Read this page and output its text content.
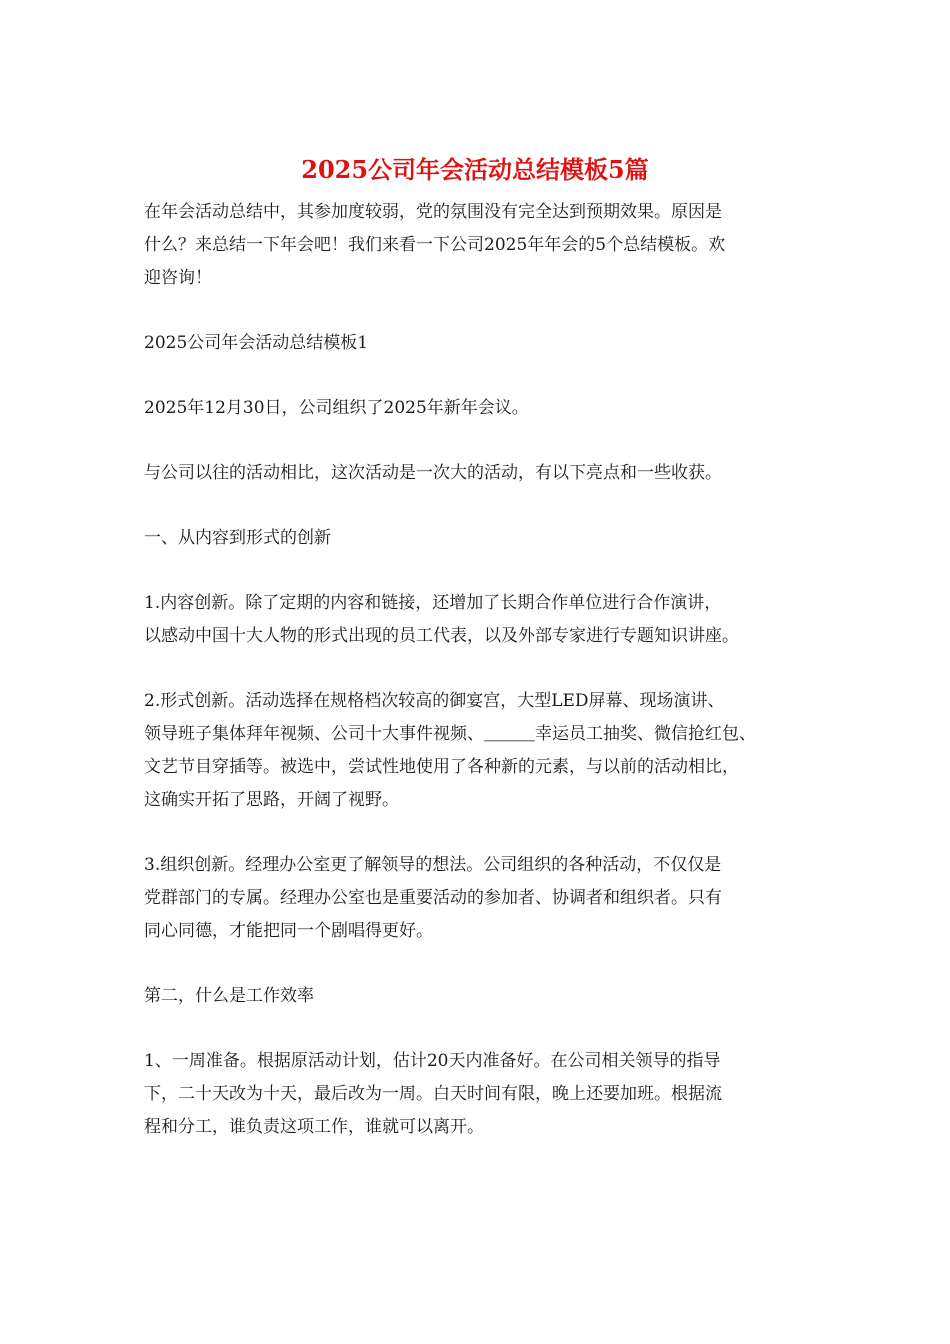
2025公司年会活动总结模板5篇

在年会活动总结中，其参加度较弱，党的氛围没有完全达到预期效果。原因是
什么？来总结一下年会吧！我们来看一下公司2025年年会的5个总结模板。欢
迎咨询！

2025公司年会活动总结模板1

2025年12月30日，公司组织了2025年新年会议。

与公司以往的活动相比，这次活动是一次大的活动，有以下亮点和一些收获。

一、从内容到形式的创新

1.内容创新。除了定期的内容和链接，还增加了长期合作单位进行合作演讲，
以感动中国十大人物的形式出现的员工代表，以及外部专家进行专题知识讲座。

2.形式创新。活动选择在规格档次较高的御宴宫，大型LED屏幕、现场演讲、
领导班子集体拜年视频、公司十大事件视频、＿＿＿幸运员工抽奖、微信抢红包、
文艺节目穿插等。被选中，尝试性地使用了各种新的元素，与以前的活动相比，
这确实开拓了思路，开阔了视野。

3.组织创新。经理办公室更了解领导的想法。公司组织的各种活动，不仅仅是
党群部门的专属。经理办公室也是重要活动的参加者、协调者和组织者。只有
同心同德，才能把同一个剧唱得更好。

第二，什么是工作效率

1、一周准备。根据原活动计划，估计20天内准备好。在公司相关领导的指导
下，二十天改为十天，最后改为一周。白天时间有限，晚上还要加班。根据流
程和分工，谁负责这项工作，谁就可以离开。
